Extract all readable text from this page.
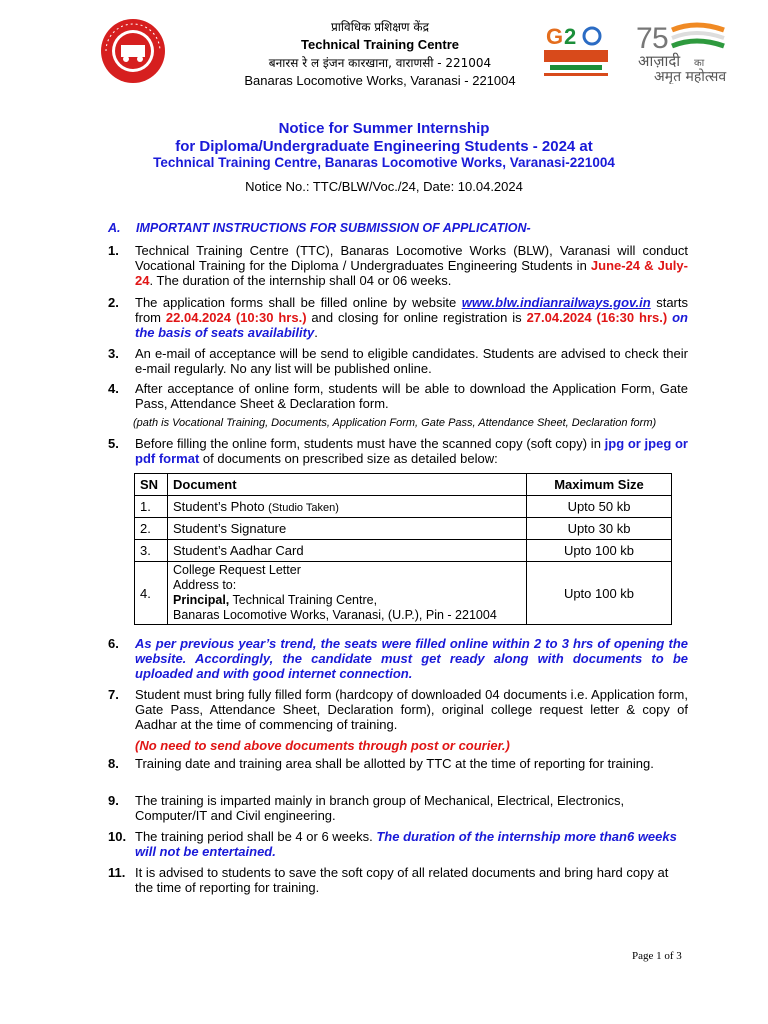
प्राविधिक प्रशिक्षण केंद्र
Technical Training Centre
बनारस रे ल इंजन कारखाना, वाराणसी - 221004
Banaras Locomotive Works, Varanasi - 221004
G 2 7 5
आज़ादी का
अमृत महोत्सव
Notice for Summer Internship
for Diploma/Undergraduate Engineering Students - 2024 at
Technical Training Centre, Banaras Locomotive Works, Varanasi-221004
Notice No.: TTC/BLW/Voc./24, Date: 10.04.2024
A. IMPORTANT INSTRUCTIONS FOR SUBMISSION OF APPLICATION-
1. Technical Training Centre (TTC), Banaras Locomotive Works (BLW), Varanasi will conduct Vocational Training for the Diploma / Undergraduates Engineering Students in June-24 & July-24. The duration of the internship shall 04 or 06 weeks.
2. The application forms shall be filled online by website www.blw.indianrailways.gov.in starts from 22.04.2024 (10:30 hrs.) and closing for online registration is 27.04.2024 (16:30 hrs.) on the basis of seats availability.
3. An e-mail of acceptance will be send to eligible candidates. Students are advised to check their e-mail regularly. No any list will be published online.
4. After acceptance of online form, students will be able to download the Application Form, Gate Pass, Attendance Sheet & Declaration form.
(path is Vocational Training, Documents, Application Form, Gate Pass, Attendance Sheet, Declaration form)
5. Before filling the online form, students must have the scanned copy (soft copy) in jpg or jpeg or pdf format of documents on prescribed size as detailed below:
SN	Document	Maximum Size
1.	Student’s Photo (Studio Taken)	Upto 50 kb
2.	Student’s Signature	Upto 30 kb
3.	Student’s Aadhar Card	Upto 100 kb
4.	College Request Letter
Address to:
Principal, Technical Training Centre,
Banaras Locomotive Works, Varanasi, (U.P.), Pin - 221004	Upto 100 kb
6. As per previous year’s trend, the seats were filled online within 2 to 3 hrs of opening the website. Accordingly, the candidate must get ready along with documents to be uploaded and with good internet connection.
7. Student must bring fully filled form (hardcopy of downloaded 04 documents i.e. Application form, Gate Pass, Attendance Sheet, Declaration form), original college request letter & copy of Aadhar at the time of commencing of training.
(No need to send above documents through post or courier.)
8. Training date and training area shall be allotted by TTC at the time of reporting for training.
9. The training is imparted mainly in branch group of Mechanical, Electrical, Electronics, Computer/IT and Civil engineering.
10. The training period shall be 4 or 6 weeks. The duration of the internship more than6 weeks will not be entertained.
11. It is advised to students to save the soft copy of all related documents and bring hard copy at the time of reporting for training.
Page 1 of 3
